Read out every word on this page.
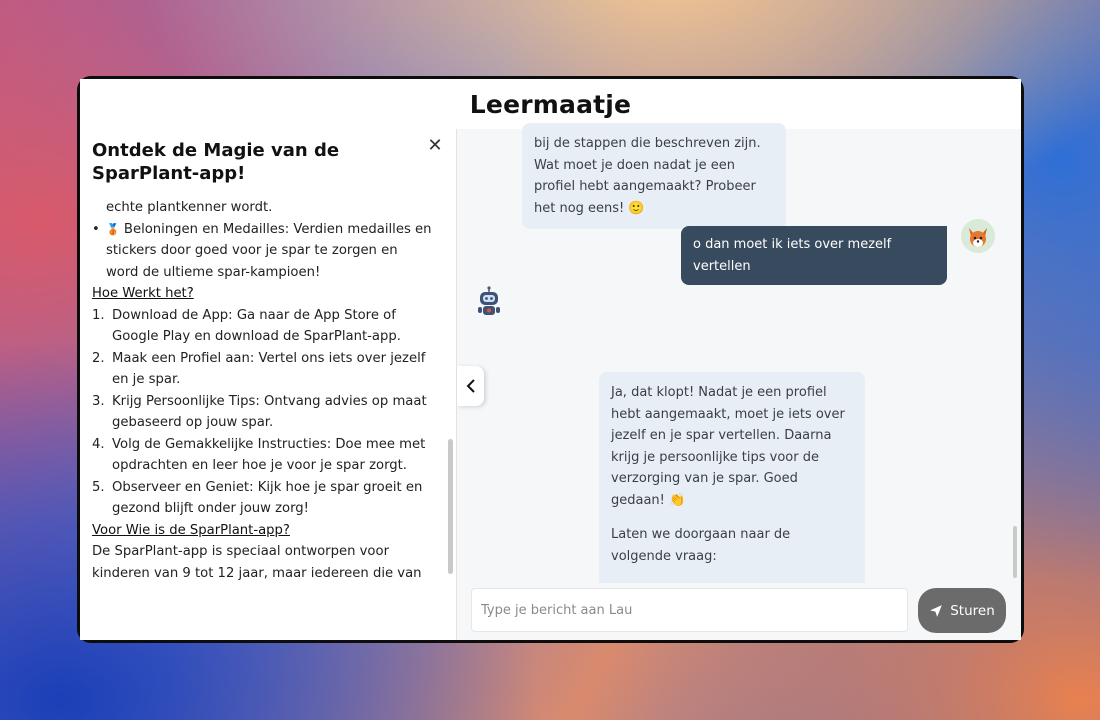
Leermaatje
Ontdek de Magie van de SparPlant-app!
✕

echte plantkenner wordt.

• 🥉 Beloningen en Medailles: Verdien medailles en stickers door goed voor je spar te zorgen en word de ultieme spar-kampioen!

Hoe Werkt het?

1. Download de App: Ga naar de App Store of Google Play en download de SparPlant-app.
2. Maak een Profiel aan: Vertel ons iets over jezelf en je spar.
3. Krijg Persoonlijke Tips: Ontvang advies op maat gebaseerd op jouw spar.
4. Volg de Gemakkelijke Instructies: Doe mee met opdrachten en leer hoe je voor je spar zorgt.
5. Observeer en Geniet: Kijk hoe je spar groeit en gezond blijft onder jouw zorg!

Voor Wie is de SparPlant-app?

De SparPlant-app is speciaal ontworpen voor kinderen van 9 tot 12 jaar, maar iedereen die van

bij de stappen die beschreven zijn. Wat moet je doen nadat je een profiel hebt aangemaakt? Probeer het nog eens! 🙂

o dan moet ik iets over mezelf vertellen

Ja, dat klopt! Nadat je een profiel hebt aangemaakt, moet je iets over jezelf en je spar vertellen. Daarna krijg je persoonlijke tips voor de verzorging van je spar. Goed gedaan! 👏

Laten we doorgaan naar de volgende vraag:

Type je bericht aan Lau
Sturen
